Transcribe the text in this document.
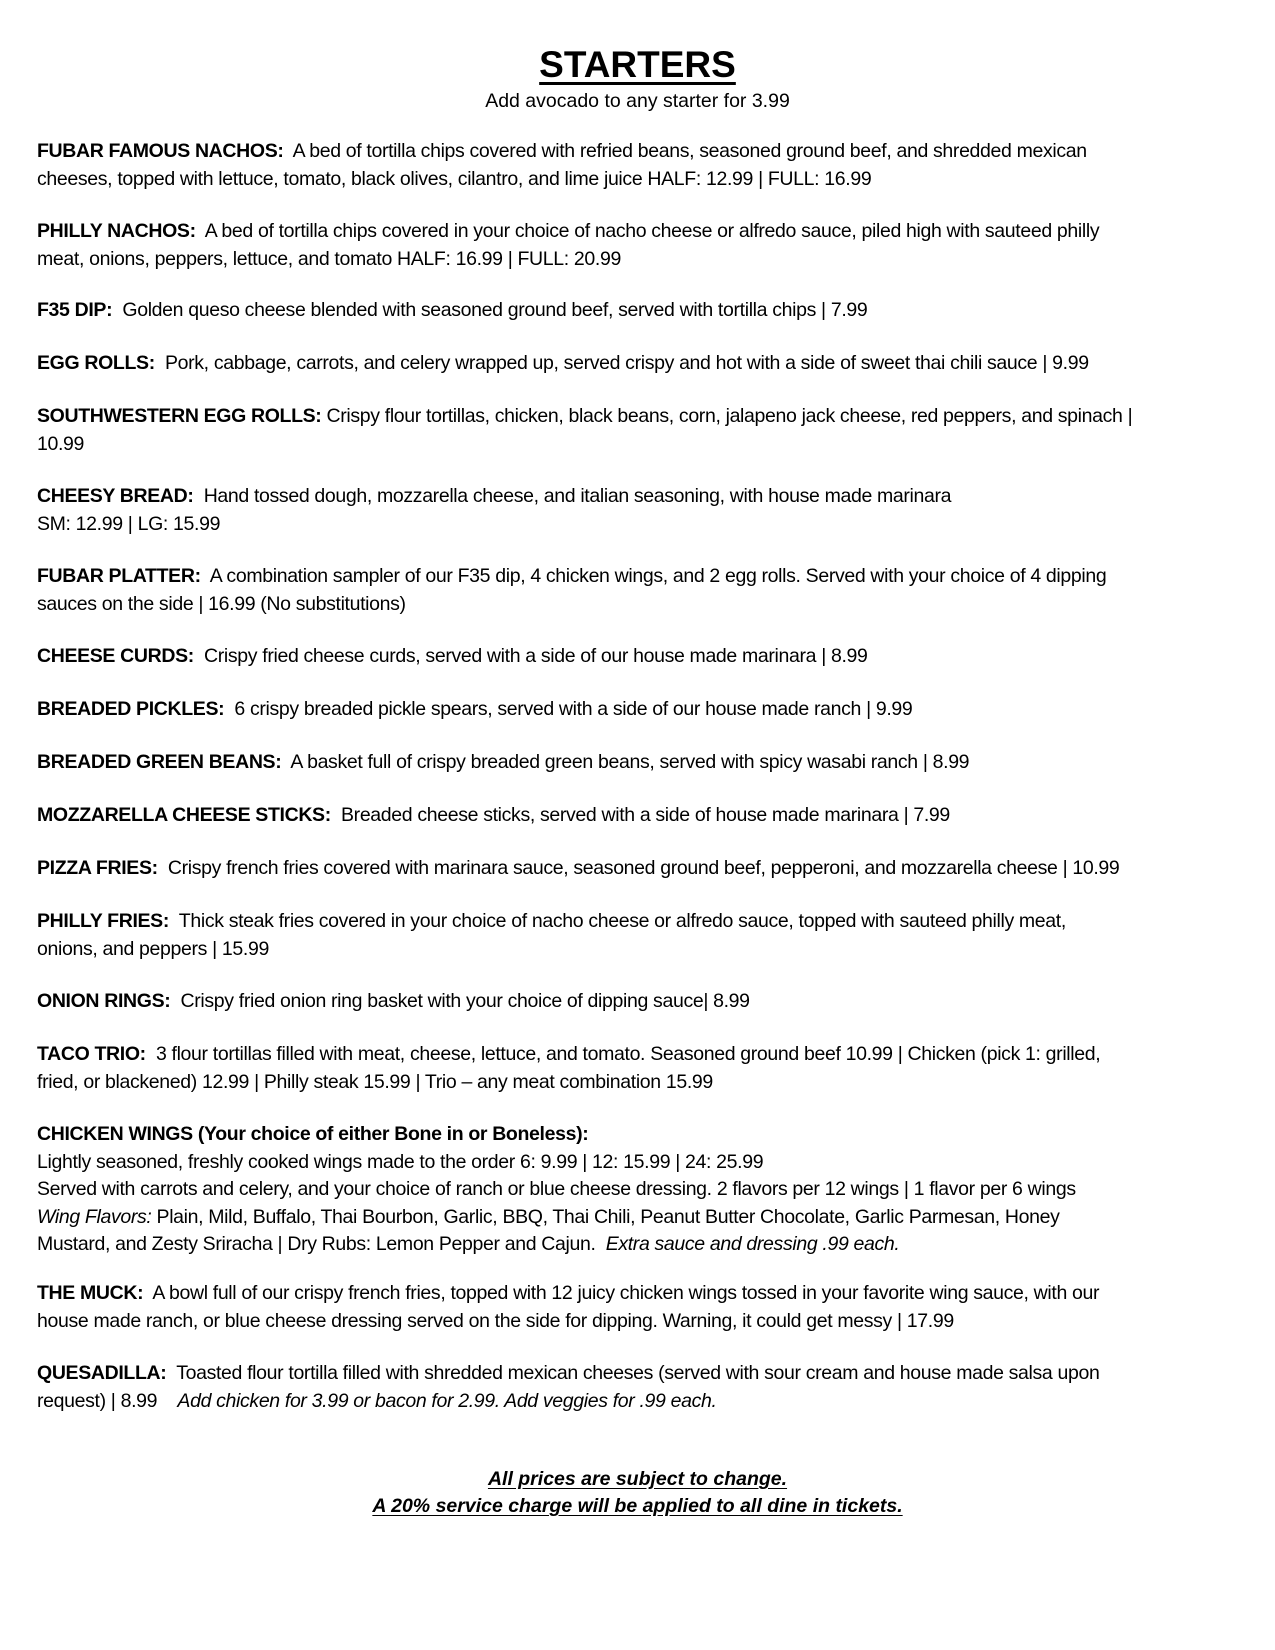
STARTERS
Add avocado to any starter for 3.99
FUBAR FAMOUS NACHOS: A bed of tortilla chips covered with refried beans, seasoned ground beef, and shredded mexican
cheeses, topped with lettuce, tomato, black olives, cilantro, and lime juice HALF: 12.99 | FULL: 16.99
PHILLY NACHOS: A bed of tortilla chips covered in your choice of nacho cheese or alfredo sauce, piled high with sauteed philly
meat, onions, peppers, lettuce, and tomato HALF: 16.99 | FULL: 20.99
F35 DIP: Golden queso cheese blended with seasoned ground beef, served with tortilla chips | 7.99
EGG ROLLS: Pork, cabbage, carrots, and celery wrapped up, served crispy and hot with a side of sweet thai chili sauce | 9.99
SOUTHWESTERN EGG ROLLS: Crispy flour tortillas, chicken, black beans, corn, jalapeno jack cheese, red peppers, and spinach |
10.99
CHEESY BREAD: Hand tossed dough, mozzarella cheese, and italian seasoning, with house made marinara
SM: 12.99 | LG: 15.99
FUBAR PLATTER: A combination sampler of our F35 dip, 4 chicken wings, and 2 egg rolls. Served with your choice of 4 dipping
sauces on the side | 16.99 (No substitutions)
CHEESE CURDS: Crispy fried cheese curds, served with a side of our house made marinara | 8.99
BREADED PICKLES: 6 crispy breaded pickle spears, served with a side of our house made ranch | 9.99
BREADED GREEN BEANS: A basket full of crispy breaded green beans, served with spicy wasabi ranch | 8.99
MOZZARELLA CHEESE STICKS: Breaded cheese sticks, served with a side of house made marinara | 7.99
PIZZA FRIES: Crispy french fries covered with marinara sauce, seasoned ground beef, pepperoni, and mozzarella cheese | 10.99
PHILLY FRIES: Thick steak fries covered in your choice of nacho cheese or alfredo sauce, topped with sauteed philly meat,
onions, and peppers | 15.99
ONION RINGS: Crispy fried onion ring basket with your choice of dipping sauce| 8.99
TACO TRIO: 3 flour tortillas filled with meat, cheese, lettuce, and tomato. Seasoned ground beef 10.99 | Chicken (pick 1: grilled,
fried, or blackened) 12.99 | Philly steak 15.99 | Trio – any meat combination 15.99
CHICKEN WINGS (Your choice of either Bone in or Boneless):
Lightly seasoned, freshly cooked wings made to the order 6: 9.99 | 12: 15.99 | 24: 25.99
Served with carrots and celery, and your choice of ranch or blue cheese dressing. 2 flavors per 12 wings | 1 flavor per 6 wings
Wing Flavors: Plain, Mild, Buffalo, Thai Bourbon, Garlic, BBQ, Thai Chili, Peanut Butter Chocolate, Garlic Parmesan, Honey
Mustard, and Zesty Sriracha | Dry Rubs: Lemon Pepper and Cajun. Extra sauce and dressing .99 each.
THE MUCK: A bowl full of our crispy french fries, topped with 12 juicy chicken wings tossed in your favorite wing sauce, with our
house made ranch, or blue cheese dressing served on the side for dipping. Warning, it could get messy | 17.99
QUESADILLA: Toasted flour tortilla filled with shredded mexican cheeses (served with sour cream and house made salsa upon
request) | 8.99 Add chicken for 3.99 or bacon for 2.99. Add veggies for .99 each.
All prices are subject to change.
A 20% service charge will be applied to all dine in tickets.
